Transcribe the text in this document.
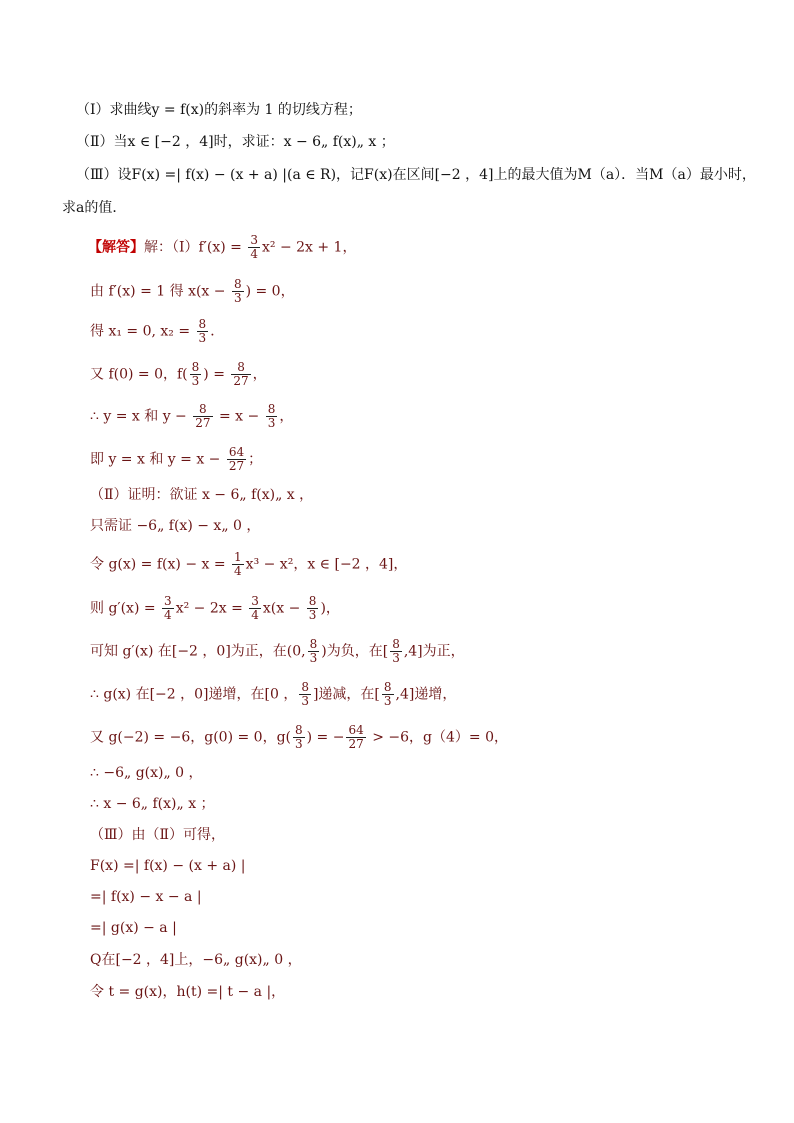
（Ⅰ）求曲线y = f(x)的斜率为 1 的切线方程；
（Ⅱ）当x ∈ [−2 ，4]时，求证：x − 6„ f(x)„ x ；
（Ⅲ）设F(x) =| f(x) − (x + a) |(a ∈ R)，记F(x)在区间[−2 ，4]上的最大值为M（a）．当M（a）最小时，
求a的值．
【解答】解：（Ⅰ）f′(x) = $\frac{3}{4} x^2 - 2x + 1$，
由 f′(x) = 1 得 $x(x - \frac{8}{3}$ ) = 0，
得 x₁ = 0, $x_2 = \frac{8}{3}$ ．
又 f(0) = 0，$f( \frac{8}{3}$ ) = $\frac{8}{27}$ ，
∴ y = x 和 $y - \frac{8}{27} = x - \frac{8}{3}$ ，
即 y = x 和 $y = x - \frac{64}{27}$ ；
（Ⅱ）证明：欲证 x − 6„ f(x)„ x ，
只需证 −6„ f(x) − x„ 0 ，
令 $g(x) = f(x) - x = \frac{1}{4} x^3 - x^2$，x ∈ [−2 ，4]，
则 $g'(x) = \frac{3}{4} x^2 - 2x = \frac{3}{4} x(x - \frac{8}{3}$ )，
可知 g′(x) 在[−2 ，0]为正，在(0, $\frac{8}{3}$ )为负，在[ $\frac{8}{3} ,4$]为正，
∴ g(x) 在[−2 ，0]递增，在[0 ， $\frac{8}{3}$ ]递减，在[ $\frac{8}{3} ,4$]递增，
又 g(−2) = −6，g(0) = 0，$g( \frac{8}{3}$ ) = − $\frac{64}{27} > -6$，g（4）= 0，
∴ −6„ g(x)„ 0 ，
∴ x − 6„ f(x)„ x ；
（Ⅲ）由（Ⅱ）可得，
F(x) =| f(x) − (x + a) |
=| f(x) − x − a |
=| g(x) − a |
Q在[−2 ，4]上，−6„ g(x)„ 0 ，
令 t = g(x)，h(t) =| t − a |，
